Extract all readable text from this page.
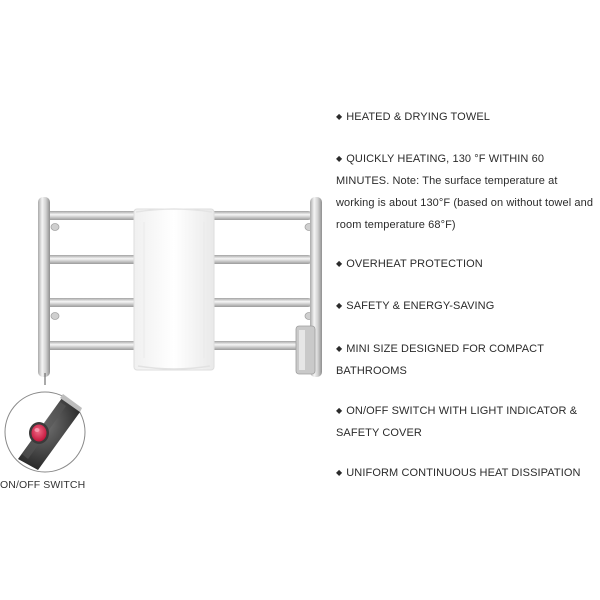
ON/OFF SWITCH
◆ HEATED & DRYING TOWEL
◆ QUICKLY HEATING, 130 °F WITHIN 60 MINUTES. Note: The surface temperature at working is about 130°F (based on without towel and room temperature 68°F)
◆ OVERHEAT PROTECTION
◆ SAFETY & ENERGY-SAVING
◆ MINI SIZE DESIGNED FOR COMPACT BATHROOMS
◆ ON/OFF SWITCH WITH LIGHT INDICATOR & SAFETY COVER
◆ UNIFORM CONTINUOUS HEAT DISSIPATION
